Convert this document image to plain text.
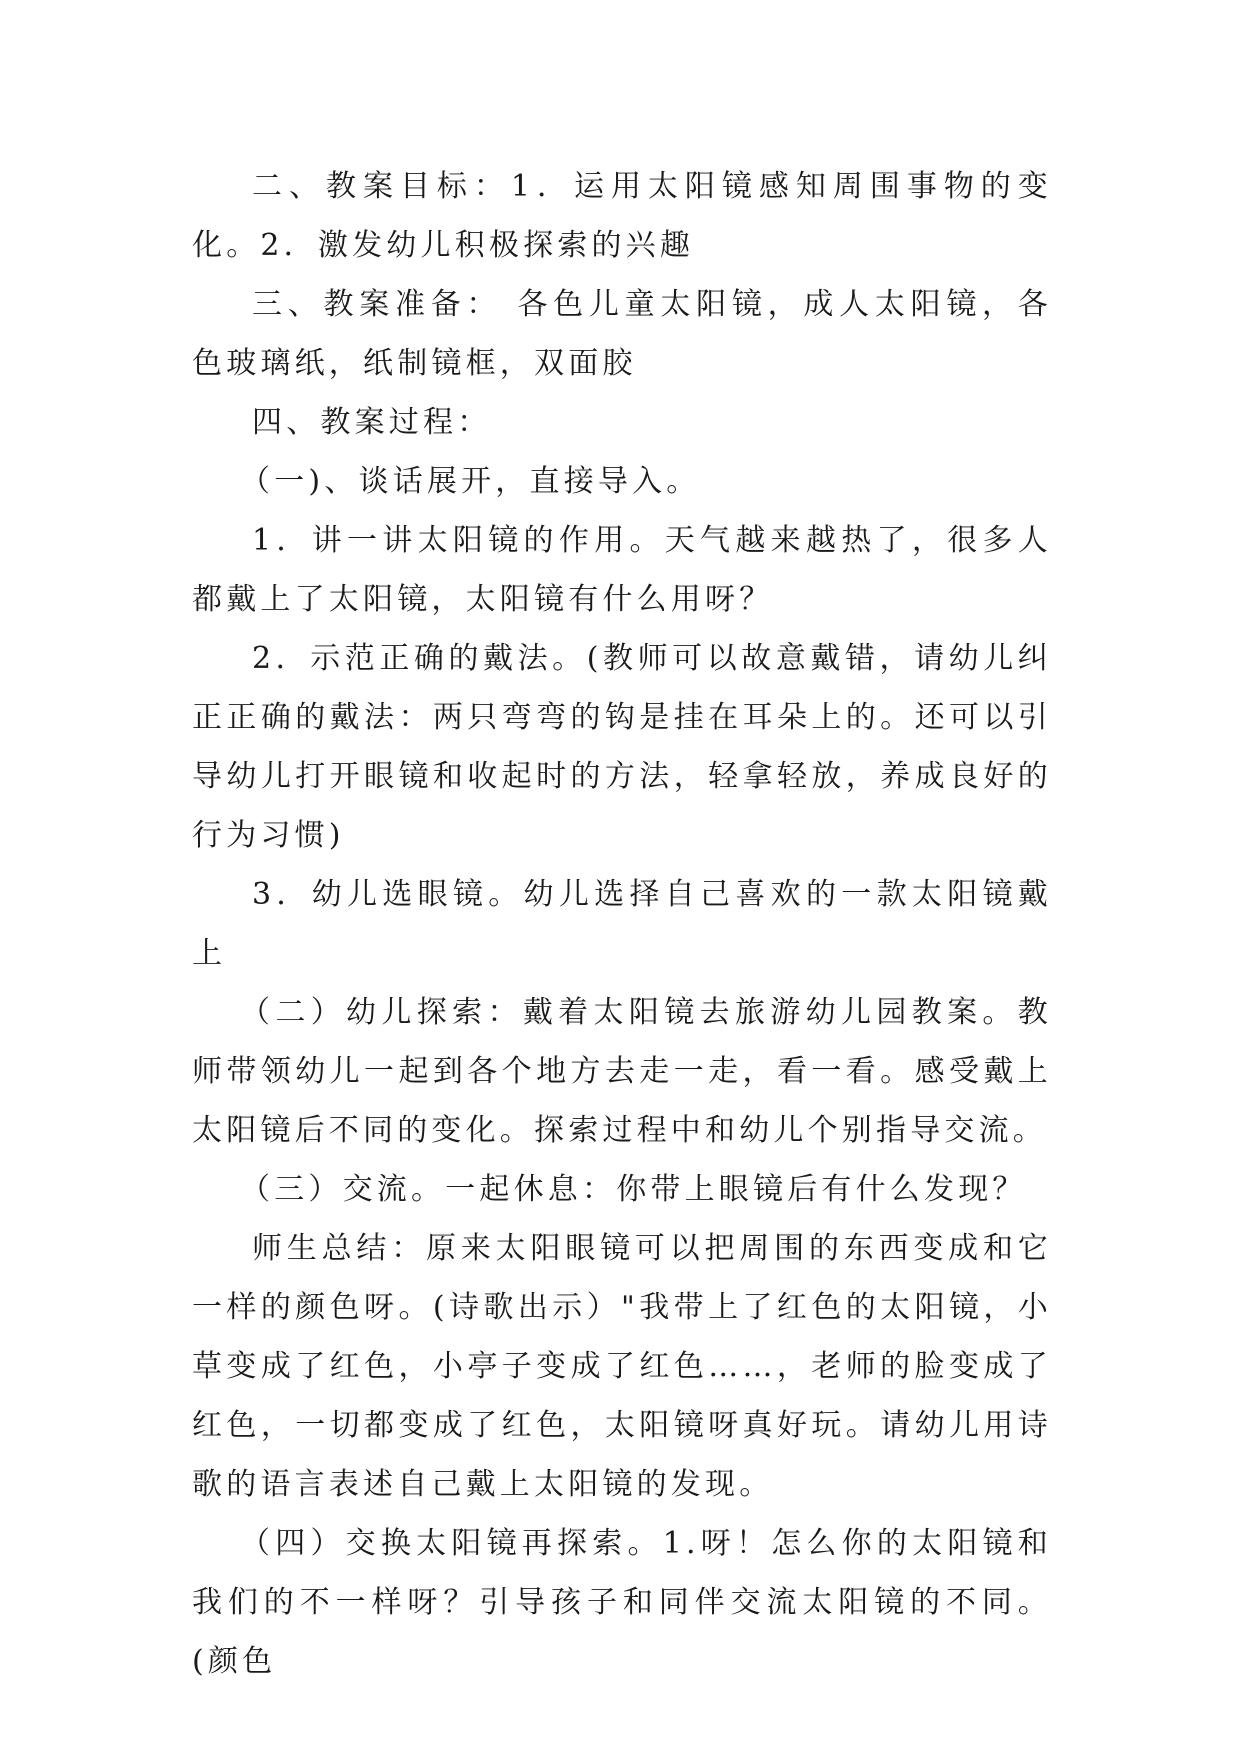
二、教案目标：1．运用太阳镜感知周围事物的变化。2．激发幼儿积极探索的兴趣

三、教案准备： 各色儿童太阳镜，成人太阳镜，各色玻璃纸，纸制镜框，双面胶

四、教案过程：

（一)、谈话展开，直接导入。

1．讲一讲太阳镜的作用。天气越来越热了，很多人都戴上了太阳镜，太阳镜有什么用呀？

2．示范正确的戴法。(教师可以故意戴错，请幼儿纠正正确的戴法：两只弯弯的钩是挂在耳朵上的。还可以引导幼儿打开眼镜和收起时的方法，轻拿轻放，养成良好的行为习惯)

3．幼儿选眼镜。幼儿选择自己喜欢的一款太阳镜戴上

（二）幼儿探索：戴着太阳镜去旅游幼儿园教案。教师带领幼儿一起到各个地方去走一走，看一看。感受戴上太阳镜后不同的变化。探索过程中和幼儿个别指导交流。

（三）交流。一起休息：你带上眼镜后有什么发现？

师生总结：原来太阳眼镜可以把周围的东西变成和它一样的颜色呀。(诗歌出示）"我带上了红色的太阳镜，小草变成了红色，小亭子变成了红色……，老师的脸变成了红色，一切都变成了红色，太阳镜呀真好玩。请幼儿用诗歌的语言表述自己戴上太阳镜的发现。

（四）交换太阳镜再探索。1.呀！怎么你的太阳镜和我们的不一样呀？引导孩子和同伴交流太阳镜的不同。(颜色
